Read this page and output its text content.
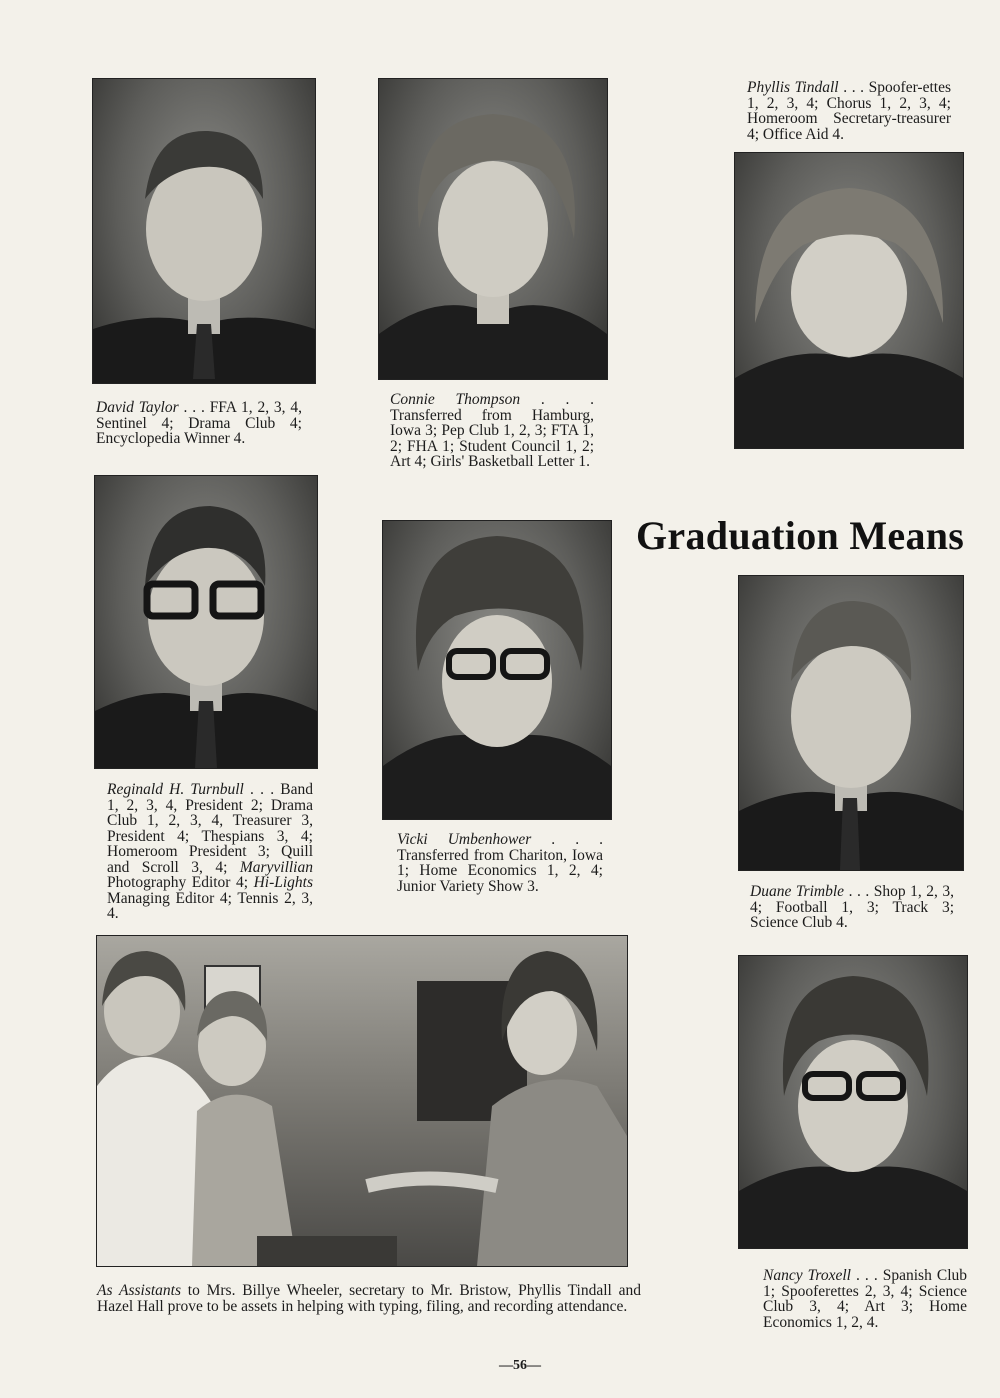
Graduation Means
David Taylor . . . FFA 1, 2, 3, 4, Sentinel 4; Drama Club 4; Encyclopedia Winner 4.
Connie Thompson . . . Transferred from Hamburg, Iowa 3; Pep Club 1, 2, 3; FTA 1, 2; FHA 1; Student Council 1, 2; Art 4; Girls' Basketball Letter 1.
Phyllis Tindall . . . Spoofer-ettes 1, 2, 3, 4; Chorus 1, 2, 3, 4; Homeroom Secretary-treasurer 4; Office Aid 4.
Reginald H. Turnbull . . . Band 1, 2, 3, 4, President 2; Drama Club 1, 2, 3, 4, Treasurer 3, President 4; Thespians 3, 4; Homeroom President 3; Quill and Scroll 3, 4; Maryvillian Photography Editor 4; Hi-Lights Managing Editor 4; Tennis 2, 3, 4.
Vicki Umbenhower . . . Transferred from Chariton, Iowa 1; Home Economics 1, 2, 4; Junior Variety Show 3.	Duane Trimble . . . Shop 1, 2, 3, 4; Football 1, 3; Track 3; Science Club 4.
Nancy Troxell . . . Spanish Club 1; Spooferettes 2, 3, 4; Science Club 3, 4; Art 3; Home Economics 1, 2, 4.
As Assistants to Mrs. Billye Wheeler, secretary to Mr. Bristow, Phyllis Tindall and Hazel Hall prove to be assets in helping with typing, filing, and recording attendance.
—56—
